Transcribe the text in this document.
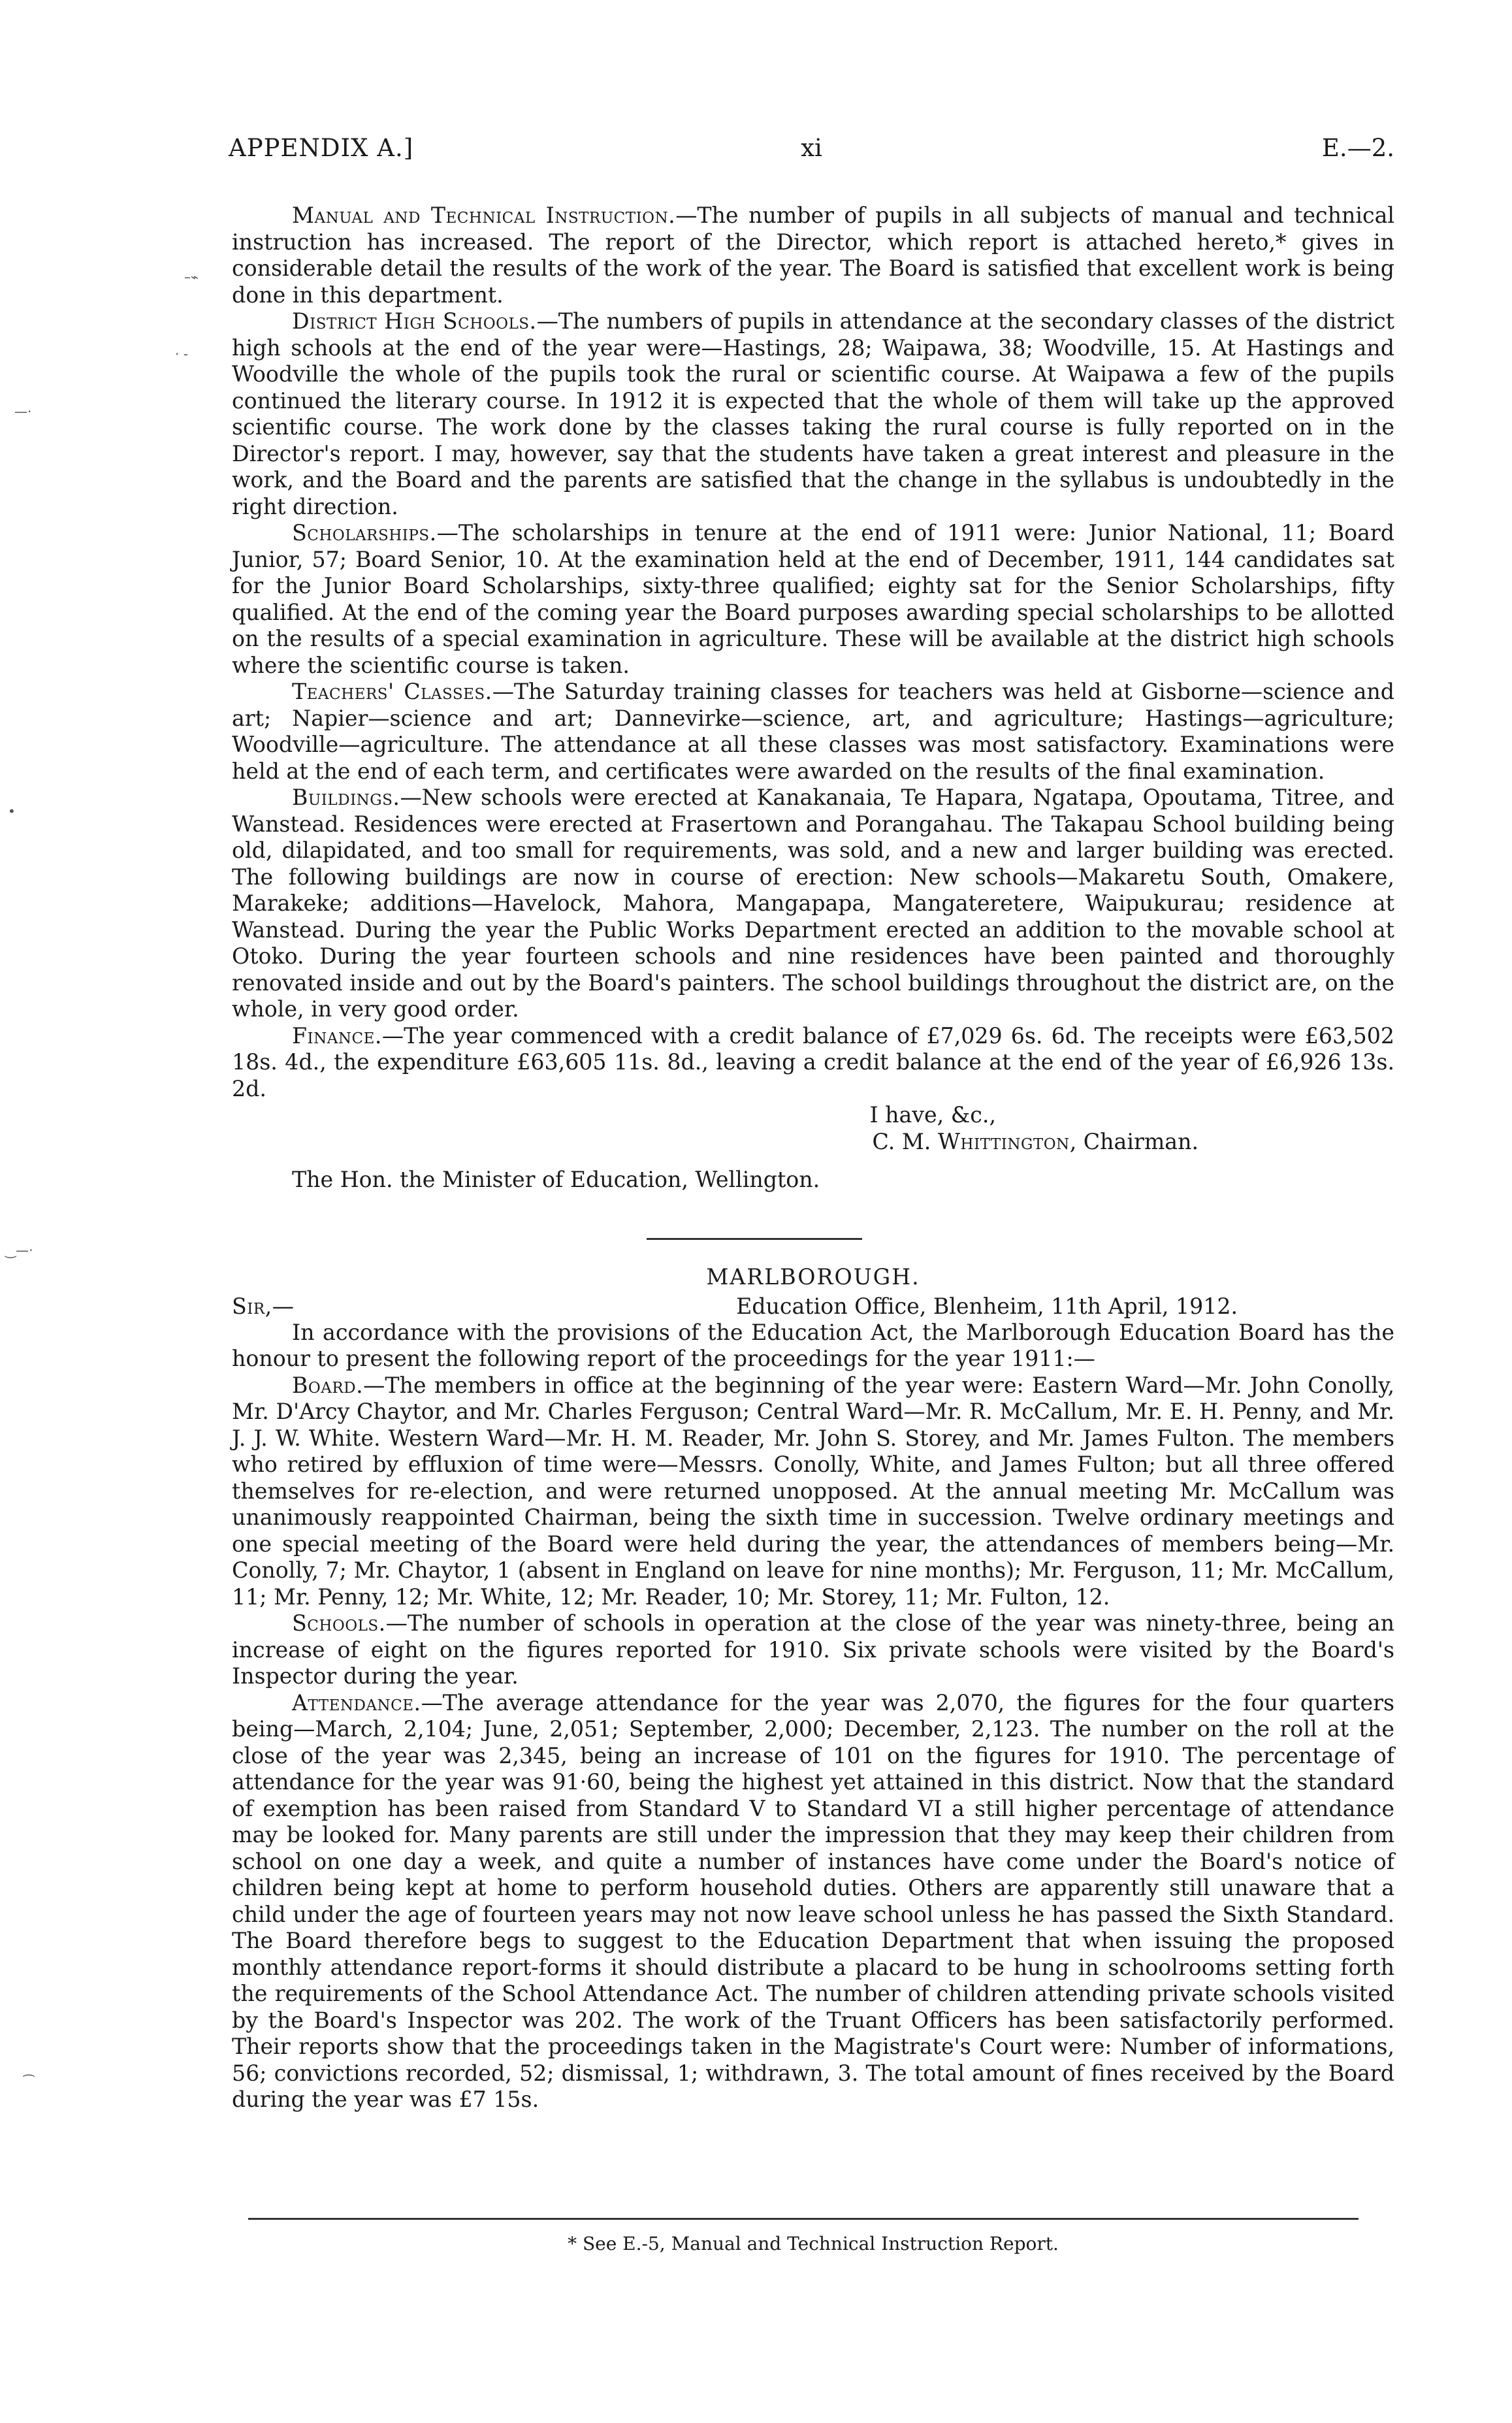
APPENDIX A.]	xi	E.—2.
–⌁
· -
—·
•
‿—·
⁔

Manual and Technical Instruction.—The number of pupils in all subjects of manual and technical instruction has increased. The report of the Director, which report is attached hereto,* gives in considerable detail the results of the work of the year. The Board is satisfied that excellent work is being done in this department.

District High Schools.—The numbers of pupils in attendance at the secondary classes of the district high schools at the end of the year were—Hastings, 28; Waipawa, 38; Woodville, 15. At Hastings and Woodville the whole of the pupils took the rural or scientific course. At Waipawa a few of the pupils continued the literary course. In 1912 it is expected that the whole of them will take up the approved scientific course. The work done by the classes taking the rural course is fully reported on in the Director's report. I may, however, say that the students have taken a great interest and pleasure in the work, and the Board and the parents are satisfied that the change in the syllabus is undoubtedly in the right direction.

Scholarships.—The scholarships in tenure at the end of 1911 were: Junior National, 11; Board Junior, 57; Board Senior, 10. At the examination held at the end of December, 1911, 144 candidates sat for the Junior Board Scholarships, sixty-three qualified; eighty sat for the Senior Scholarships, fifty qualified. At the end of the coming year the Board purposes awarding special scholarships to be allotted on the results of a special examination in agriculture. These will be available at the district high schools where the scientific course is taken.

Teachers' Classes.—The Saturday training classes for teachers was held at Gisborne—science and art; Napier—science and art; Dannevirke—science, art, and agriculture; Hastings—agriculture; Woodville—agriculture. The attendance at all these classes was most satisfactory. Examinations were held at the end of each term, and certificates were awarded on the results of the final examination.

Buildings.—New schools were erected at Kanakanaia, Te Hapara, Ngatapa, Opoutama, Titree, and Wanstead. Residences were erected at Frasertown and Porangahau. The Takapau School building being old, dilapidated, and too small for requirements, was sold, and a new and larger building was erected. The following buildings are now in course of erection: New schools—Makaretu South, Omakere, Marakeke; additions—Havelock, Mahora, Mangapapa, Mangateretere, Waipukurau; residence at Wanstead. During the year the Public Works Department erected an addition to the movable school at Otoko. During the year fourteen schools and nine residences have been painted and thoroughly renovated inside and out by the Board's painters. The school buildings throughout the district are, on the whole, in very good order.

Finance.—The year commenced with a credit balance of £7,029 6s. 6d. The receipts were £63,502 18s. 4d., the expenditure £63,605 11s. 8d., leaving a credit balance at the end of the year of £6,926 13s. 2d.

I have, &c.,

C. M. Whittington, Chairman.

The Hon. the Minister of Education, Wellington.

MARLBOROUGH.

Sir,—	Education Office, Blenheim, 11th April, 1912.

In accordance with the provisions of the Education Act, the Marlborough Education Board has the honour to present the following report of the proceedings for the year 1911:—

Board.—The members in office at the beginning of the year were: Eastern Ward—Mr. John Conolly, Mr. D'Arcy Chaytor, and Mr. Charles Ferguson; Central Ward—Mr. R. McCallum, Mr. E. H. Penny, and Mr. J. J. W. White. Western Ward—Mr. H. M. Reader, Mr. John S. Storey, and Mr. James Fulton. The members who retired by effluxion of time were—Messrs. Conolly, White, and James Fulton; but all three offered themselves for re-election, and were returned unopposed. At the annual meeting Mr. McCallum was unanimously reappointed Chairman, being the sixth time in succession. Twelve ordinary meetings and one special meeting of the Board were held during the year, the attendances of members being—Mr. Conolly, 7; Mr. Chaytor, 1 (absent in England on leave for nine months); Mr. Ferguson, 11; Mr. McCallum, 11; Mr. Penny, 12; Mr. White, 12; Mr. Reader, 10; Mr. Storey, 11; Mr. Fulton, 12.

Schools.—The number of schools in operation at the close of the year was ninety-three, being an increase of eight on the figures reported for 1910. Six private schools were visited by the Board's Inspector during the year.

Attendance.—The average attendance for the year was 2,070, the figures for the four quarters being—March, 2,104; June, 2,051; September, 2,000; December, 2,123. The number on the roll at the close of the year was 2,345, being an increase of 101 on the figures for 1910. The percentage of attendance for the year was 91·60, being the highest yet attained in this district. Now that the standard of exemption has been raised from Standard V to Standard VI a still higher percentage of attendance may be looked for. Many parents are still under the impression that they may keep their children from school on one day a week, and quite a number of instances have come under the Board's notice of children being kept at home to perform household duties. Others are apparently still unaware that a child under the age of fourteen years may not now leave school unless he has passed the Sixth Standard. The Board therefore begs to suggest to the Education Department that when issuing the proposed monthly attendance report-forms it should distribute a placard to be hung in schoolrooms setting forth the requirements of the School Attendance Act. The number of children attending private schools visited by the Board's Inspector was 202. The work of the Truant Officers has been satisfactorily performed. Their reports show that the proceedings taken in the Magistrate's Court were: Number of informations, 56; convictions recorded, 52; dismissal, 1; withdrawn, 3. The total amount of fines received by the Board during the year was £7 15s.

* See E.-5, Manual and Technical Instruction Report.
